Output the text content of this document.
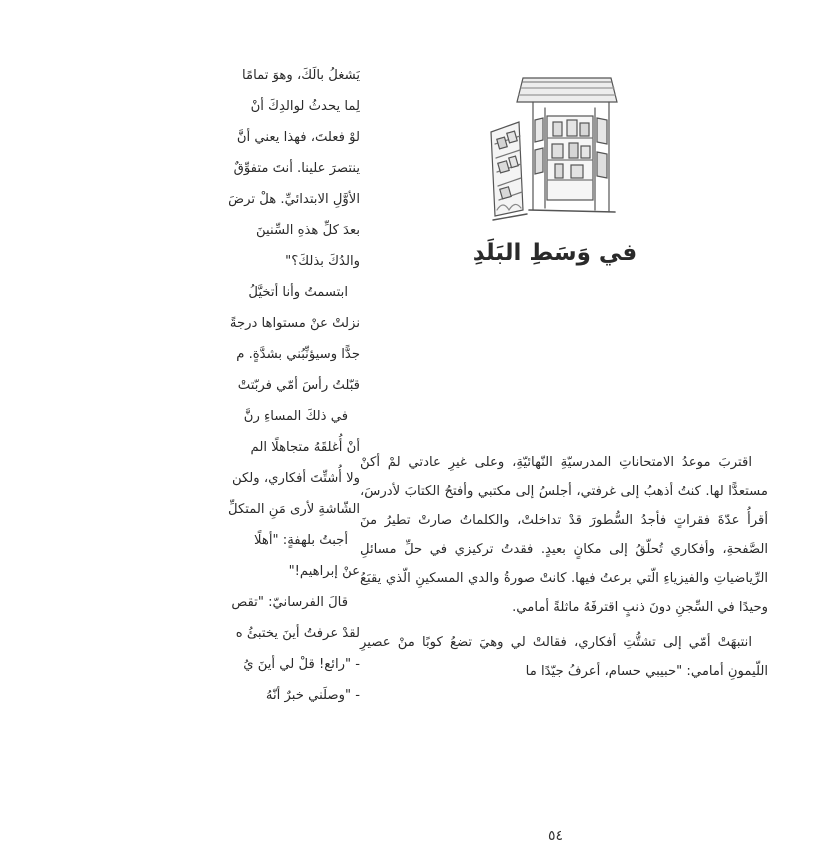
يَشغلُ بالَكَ، وهوَ تمامًا
لِما يحدثُ لوالدِكَ أنْ
لوْ فعلتَ، فهذا يعني أنَّ
ينتصرَ علينا. أنتَ متفوِّقٌ
الأوَّلِ الابتدائيِّ. هلْ ترضَ
بعدَ كلِّ هذهِ السِّنينَ
والدُكَ بذلكَ؟"
ابتسمتُ وأنا أتخيَّلُ
نزلتْ عنْ مستواها درجةً
جدًّا وسيؤنِّبُني بشدَّةٍ. م
قبّلتُ رأسَ أمّي فربّتتْ
في ذلكَ المساءِ رنَّ
أنْ أُغلقَهُ متجاهلًا الم
ولا أُشتِّتَ أفكاري، ولكن
الشّاشةِ لأرى مَنِ المتكلِّ
أجبتُ بلهفةٍ: "أهلًا
عنْ إبراهيم!"
قالَ الفرسانيّ: "تقص
لقدْ عرفتُ أينَ يختبئُ ه
- "رائع! قلْ لي أينَ يُ
- "وصلَني خبرٌ أنّهُ
في وَسَطِ البَلَدِ

اقتربَ موعدُ الامتحاناتِ المدرسيّةِ النّهائيّةِ، وعلى غيرِ عادتي لمْ أكنْ مستعدًّا لها. كنتُ أذهبُ إلى غرفتي، أجلسُ إلى مكتبي وأفتحُ الكتابَ لأدرسَ، أقرأُ عدّةَ فقراتٍ فأجدُ السُّطورَ قدْ تداخلتْ، والكلماتُ صارتْ تطيرُ منَ الصَّفحةِ، وأفكاري تُحلّقُ إلى مكانٍ بعيدٍ. فقدتُ تركيزي في حلِّ مسائلِ الرِّياضياتِ والفيزياءِ الّتي برعتُ فيها. كانتْ صورةُ والدي المسكينِ الّذي يقبَعُ وحيدًا في السِّجنِ دونَ ذنبٍ اقترفَهُ ماثلةً أمامي.

انتبهَتْ أمّي إلى تشتُّتِ أفكاري، فقالتْ لي وهيَ تضعُ كوبًا منْ عصيرِ اللّيمونِ أمامي: "حبيبي حسام، أعرفُ جيّدًا ما

٥٤
